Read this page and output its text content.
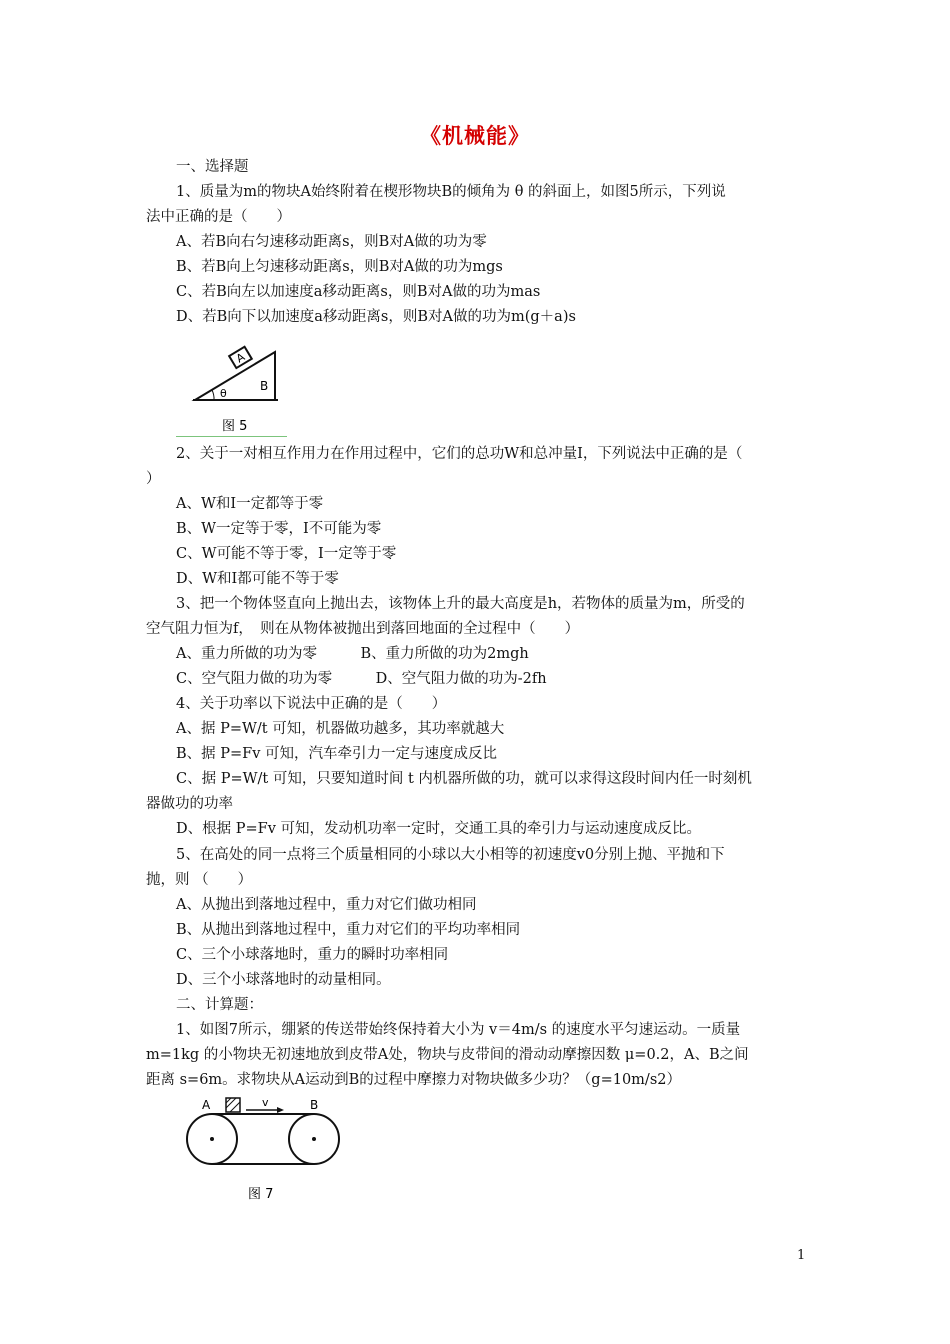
《机械能》
一、选择题
1、质量为m的物块A始终附着在楔形物块B的倾角为 θ 的斜面上，如图5所示，下列说
法中正确的是（　　）
A、若B向右匀速移动距离s，则B对A做的功为零
B、若B向上匀速移动距离s，则B对A做的功为mgs
C、若B向左以加速度a移动距离s，则B对A做的功为mas
D、若B向下以加速度a移动距离s，则B对A做的功为m(g＋a)s
A
θ
B
图 5
2、关于一对相互作用力在作用过程中，它们的总功W和总冲量I，下列说法中正确的是（
）
A、W和I一定都等于零
B、W一定等于零，I不可能为零
C、W可能不等于零，I一定等于零
D、W和I都可能不等于零
3、把一个物体竖直向上抛出去，该物体上升的最大高度是h，若物体的质量为m，所受的
空气阻力恒为f，　则在从物体被抛出到落回地面的全过程中（　　）
A、重力所做的功为零　　　B、重力所做的功为2mgh
C、空气阻力做的功为零　　　D、空气阻力做的功为-2fh
4、关于功率以下说法中正确的是（　　）
A、据 P=W/t 可知，机器做功越多，其功率就越大
B、据 P=Fv 可知，汽车牵引力一定与速度成反比
C、据 P=W/t 可知，只要知道时间 t 内机器所做的功，就可以求得这段时间内任一时刻机
器做功的功率
D、根据 P=Fv 可知，发动机功率一定时，交通工具的牵引力与运动速度成反比。
5、在高处的同一点将三个质量相同的小球以大小相等的初速度v0分别上抛、平抛和下
抛，则 （　　）
A、从抛出到落地过程中，重力对它们做功相同
B、从抛出到落地过程中，重力对它们的平均功率相同
C、三个小球落地时，重力的瞬时功率相同
D、三个小球落地时的动量相同。
二、计算题：
1、如图7所示，绷紧的传送带始终保持着大小为 v＝4m/s 的速度水平匀速运动。一质量
m=1kg 的小物块无初速地放到皮带A处，物块与皮带间的滑动动摩擦因数 μ=0.2，A、B之间
距离 s=6m。求物块从A运动到B的过程中摩擦力对物块做多少功？（g=10m/s2）
A	v	B
图 7
1
